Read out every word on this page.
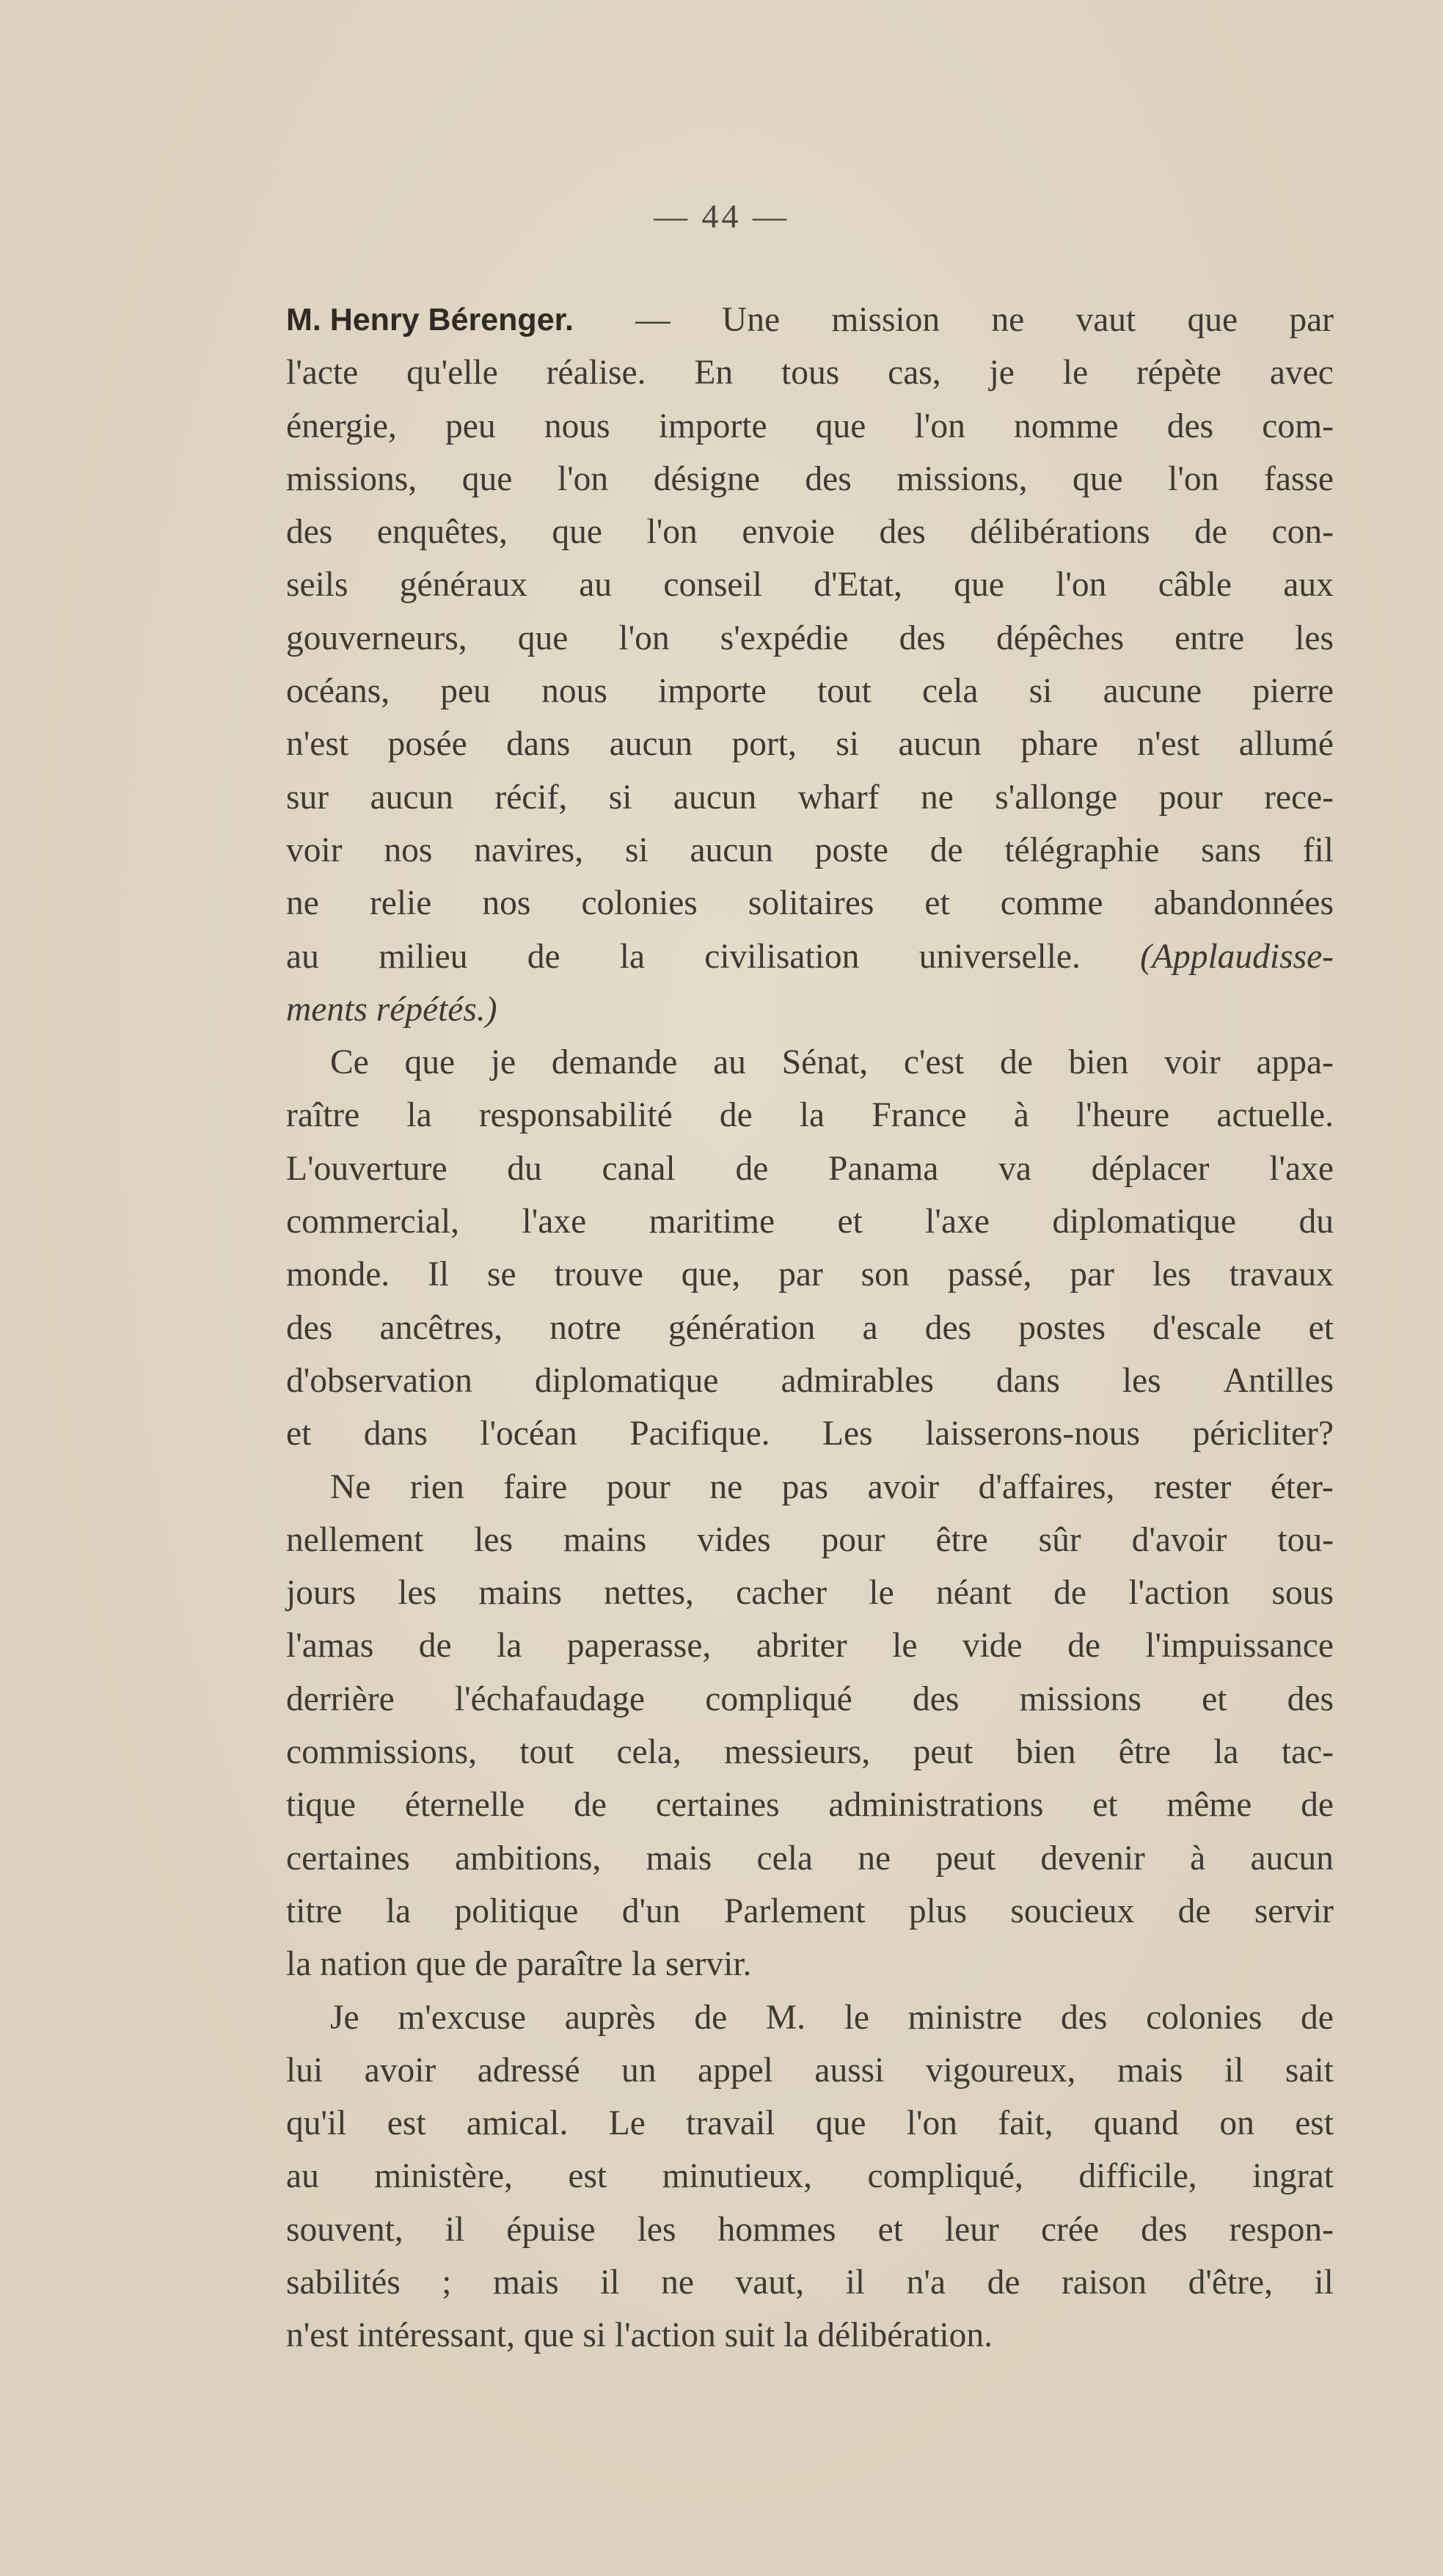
— 44 —
M. Henry Bérenger. — Une mission ne vaut que par
l'acte qu'elle réalise. En tous cas, je le répète avec
énergie, peu nous importe que l'on nomme des com-
missions, que l'on désigne des missions, que l'on fasse
des enquêtes, que l'on envoie des délibérations de con-
seils généraux au conseil d'Etat, que l'on câble aux
gouverneurs, que l'on s'expédie des dépêches entre les
océans, peu nous importe tout cela si aucune pierre
n'est posée dans aucun port, si aucun phare n'est allumé
sur aucun récif, si aucun wharf ne s'allonge pour rece-
voir nos navires, si aucun poste de télégraphie sans fil
ne relie nos colonies solitaires et comme abandonnées
au milieu de la civilisation universelle. (Applaudisse-
ments
répétés.)
Ce que je demande au Sénat, c'est de bien voir appa-
raître la responsabilité de la France à l'heure actuelle.
L'ouverture du canal de Panama va déplacer l'axe
commercial, l'axe maritime et l'axe diplomatique du
monde. Il se trouve que, par son passé, par les travaux
des ancêtres, notre génération a des postes d'escale et
d'observation diplomatique admirables dans les Antilles
et dans l'océan Pacifique. Les laisserons-nous péricliter?
Ne rien faire pour ne pas avoir d'affaires, rester éter-
nellement les mains vides pour être sûr d'avoir tou-
jours les mains nettes, cacher le néant de l'action sous
l'amas de la paperasse, abriter le vide de l'impuissance
derrière l'échafaudage compliqué des missions et des
commissions, tout cela, messieurs, peut bien être la tac-
tique éternelle de certaines administrations et même de
certaines ambitions, mais cela ne peut devenir à aucun
titre la politique d'un Parlement plus soucieux de servir
la
nation
que
de
paraître
la
servir.
Je m'excuse auprès de M. le ministre des colonies de
lui avoir adressé un appel aussi vigoureux, mais il sait
qu'il est amical. Le travail que l'on fait, quand on est
au ministère, est minutieux, compliqué, difficile, ingrat
souvent, il épuise les hommes et leur crée des respon-
sabilités ; mais il ne vaut, il n'a de raison d'être, il
n'est
intéressant,
que
si
l'action
suit
la
délibération.
